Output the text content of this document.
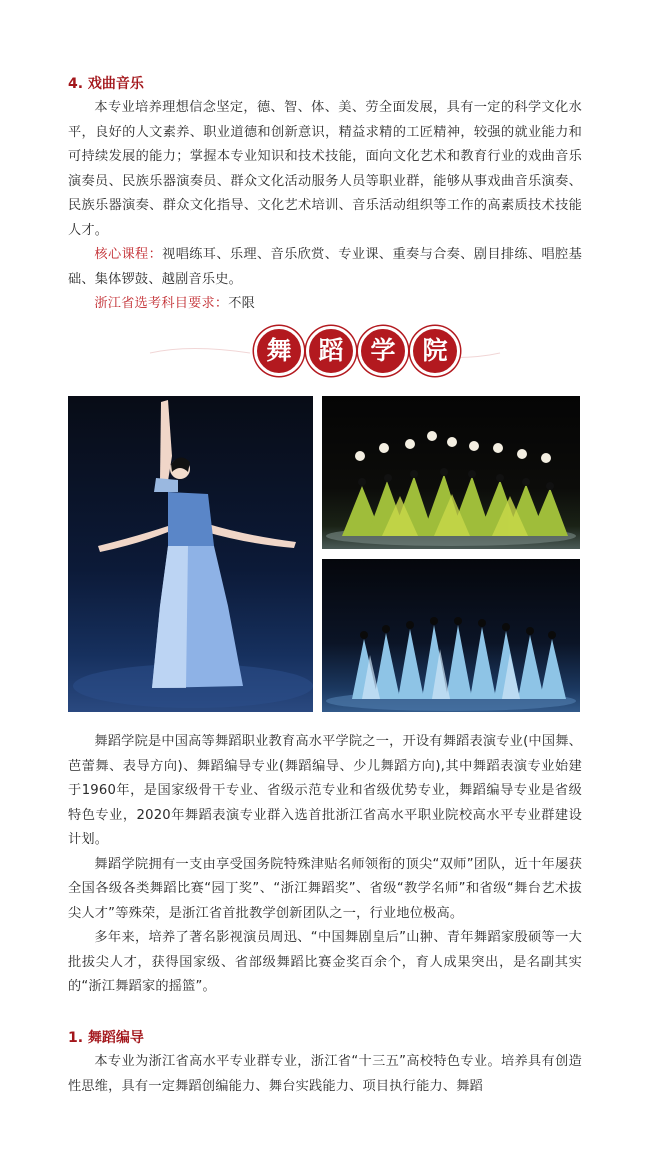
4. 戏曲音乐

本专业培养理想信念坚定，德、智、体、美、劳全面发展，具有一定的科学文化水平，良好的人文素养、职业道德和创新意识，精益求精的工匠精神，较强的就业能力和可持续发展的能力；掌握本专业知识和技术技能，面向文化艺术和教育行业的戏曲音乐演奏员、民族乐器演奏员、群众文化活动服务人员等职业群，能够从事戏曲音乐演奏、民族乐器演奏、群众文化指导、文化艺术培训、音乐活动组织等工作的高素质技术技能人才。

核心课程：视唱练耳、乐理、音乐欣赏、专业课、重奏与合奏、剧目排练、唱腔基础、集体锣鼓、越剧音乐史。

浙江省选考科目要求：不限

舞	蹈	学	院

舞蹈学院是中国高等舞蹈职业教育高水平学院之一，开设有舞蹈表演专业(中国舞、芭蕾舞、表导方向)、舞蹈编导专业(舞蹈编导、少儿舞蹈方向),其中舞蹈表演专业始建于1960年，是国家级骨干专业、省级示范专业和省级优势专业，舞蹈编导专业是省级特色专业，2020年舞蹈表演专业群入选首批浙江省高水平职业院校高水平专业群建设计划。

舞蹈学院拥有一支由享受国务院特殊津贴名师领衔的顶尖“双师”团队，近十年屡获全国各级各类舞蹈比赛“园丁奖”、“浙江舞蹈奖”、省级“教学名师”和省级“舞台艺术拔尖人才”等殊荣，是浙江省首批教学创新团队之一，行业地位极高。

多年来，培养了著名影视演员周迅、“中国舞剧皇后”山翀、青年舞蹈家殷硕等一大批拔尖人才，获得国家级、省部级舞蹈比赛金奖百余个，育人成果突出，是名副其实的“浙江舞蹈家的摇篮”。

1. 舞蹈编导

本专业为浙江省高水平专业群专业，浙江省“十三五”高校特色专业。培养具有创造性思维，具有一定舞蹈创编能力、舞台实践能力、项目执行能力、舞蹈
